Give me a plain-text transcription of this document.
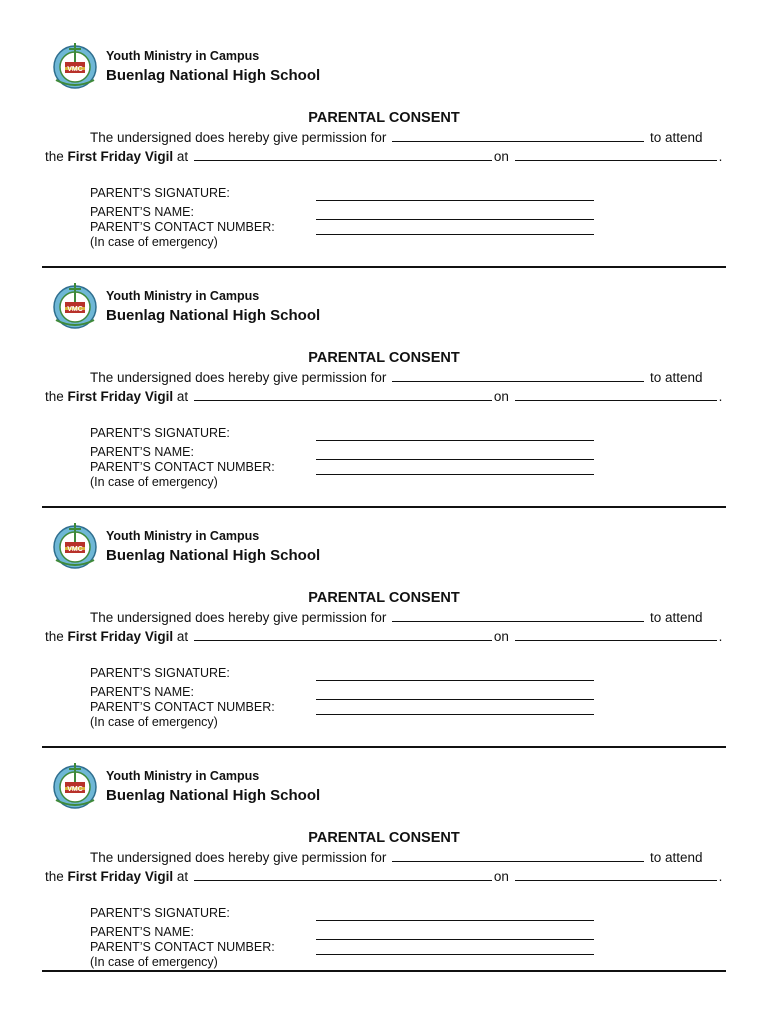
VMC
Youth Ministry in Campus
Buenlag National High School
PARENTAL CONSENT
The undersigned does hereby give permission for	to attend
the First Friday Vigil at	on	.
PARENT’S SIGNATURE:
PARENT’S NAME:
PARENT’S CONTACT NUMBER:
(In case of emergency)
VMC
Youth Ministry in Campus
Buenlag National High School
PARENTAL CONSENT
The undersigned does hereby give permission for	to attend
the First Friday Vigil at	on	.
PARENT’S SIGNATURE:
PARENT’S NAME:
PARENT’S CONTACT NUMBER:
(In case of emergency)
VMC
Youth Ministry in Campus
Buenlag National High School
PARENTAL CONSENT
The undersigned does hereby give permission for	to attend
the First Friday Vigil at	on	.
PARENT’S SIGNATURE:
PARENT’S NAME:
PARENT’S CONTACT NUMBER:
(In case of emergency)
VMC
Youth Ministry in Campus
Buenlag National High School
PARENTAL CONSENT
The undersigned does hereby give permission for	to attend
the First Friday Vigil at	on	.
PARENT’S SIGNATURE:
PARENT’S NAME:
PARENT’S CONTACT NUMBER:
(In case of emergency)
